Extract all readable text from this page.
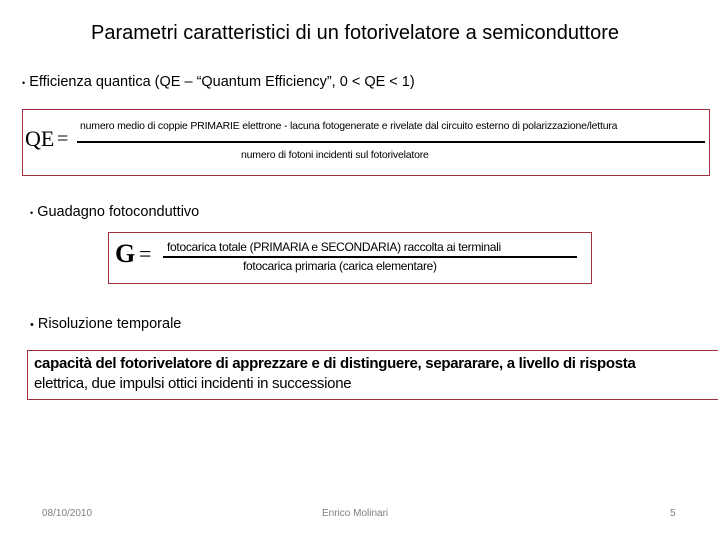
Parametri caratteristici di un fotorivelatore a semiconduttore
• Efficienza quantica (QE – “Quantum Efficiency”, 0 < QE < 1)
QE =
numero medio di coppie PRIMARIE elettrone - lacuna fotogenerate e rivelate dal circuito esterno di polarizzazione/lettura
numero di fotoni incidenti sul fotorivelatore
• Guadagno fotoconduttivo
G = fotocarica totale (PRIMARIA e SECONDARIA) raccolta ai terminali
fotocarica primaria (carica elementare)
• Risoluzione temporale
capacità del fotorivelatore di apprezzare e di distinguere, separarare, a livello di risposta
elettrica, due impulsi ottici incidenti in successione
08/10/2010	Enrico Molinari	5
